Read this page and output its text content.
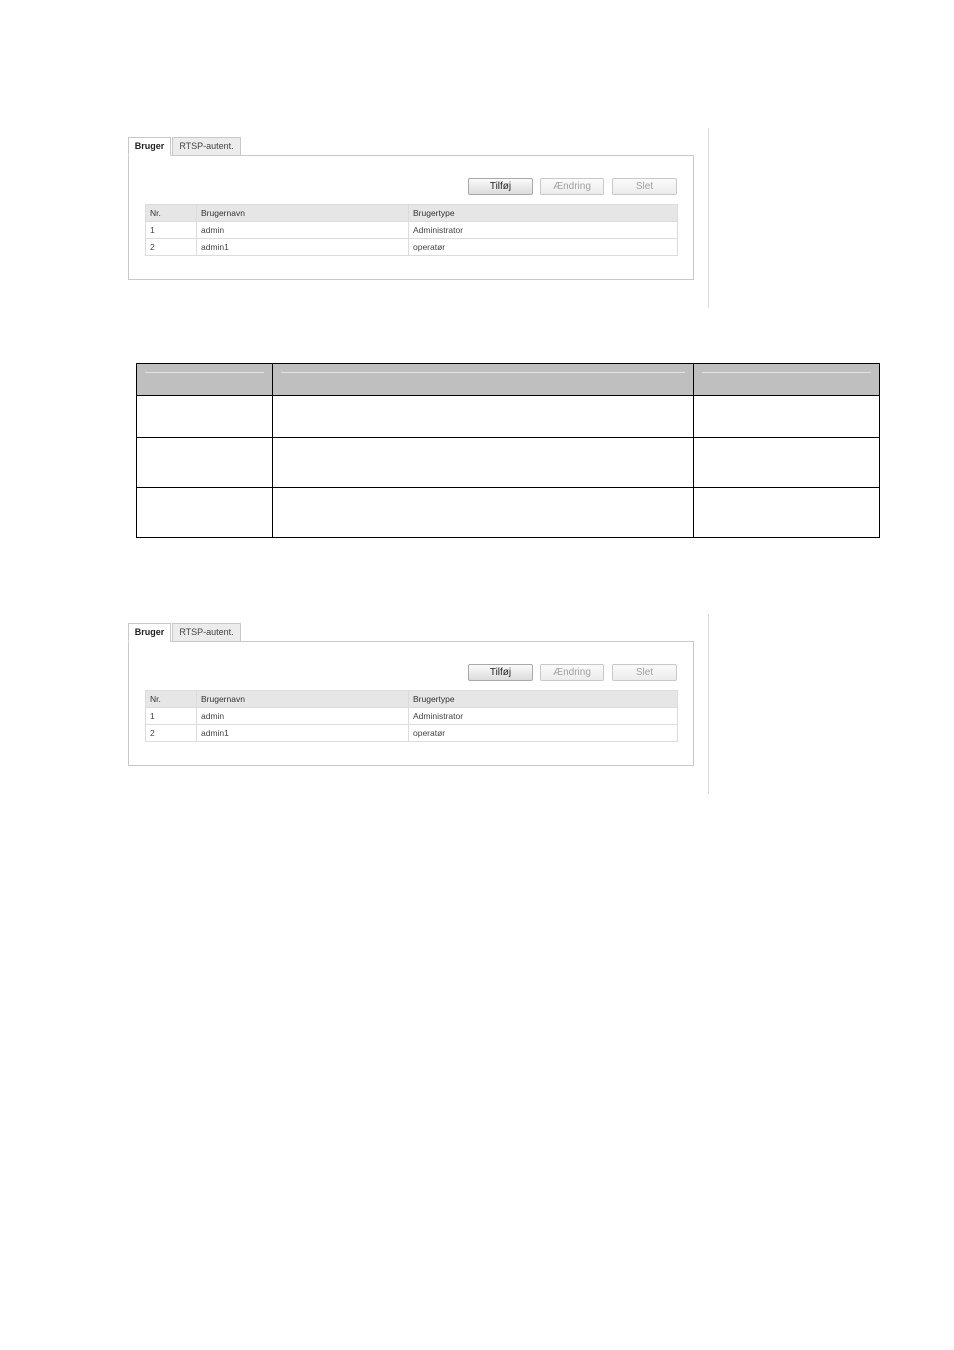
Bruger	RTSP-autent.
Tilføj	Ændring	Slet
Nr.	Brugernavn	Brugertype
1	admin	Administrator
2	admin1	operatør

Bruger	RTSP-autent.
Tilføj	Ændring	Slet
Nr.	Brugernavn	Brugertype
1	admin	Administrator
2	admin1	operatør
